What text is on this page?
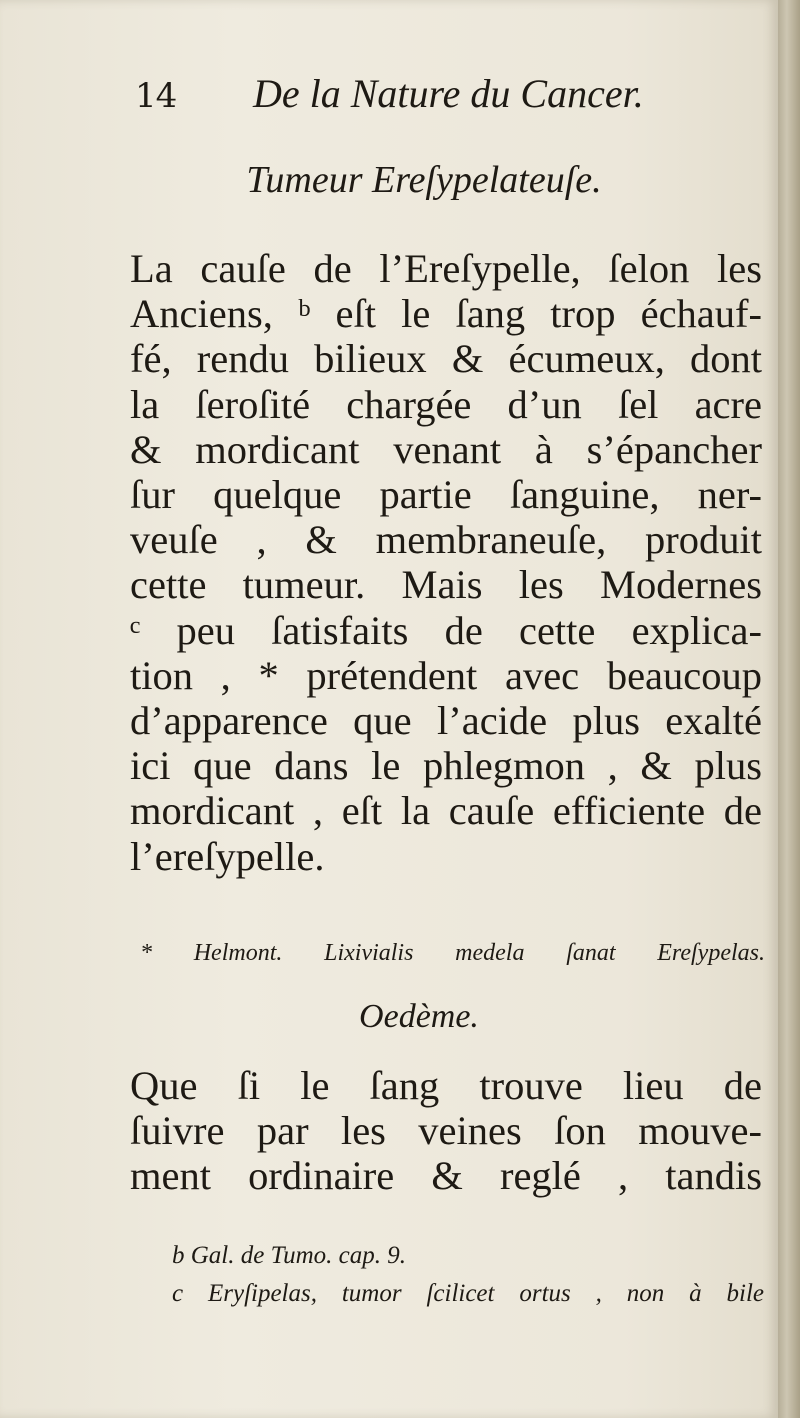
14 De la Nature du Cancer.
Tumeur Ereſypelateuſe.
La cauſe de l’Ereſypelle, ſelon les
Anciens, ᵇ eſt le ſang trop échauf-
fé, rendu bilieux & écumeux, dont
la ſeroſité chargée d’un ſel acre
& mordicant venant à s’épancher
ſur quelque partie ſanguine, ner-
veuſe , & membraneuſe, produit
cette tumeur. Mais les Modernes
ᶜ peu ſatisfaits de cette explica-
tion , * prétendent avec beaucoup
d’apparence que l’acide plus exalté
ici que dans le phlegmon , & plus
mordicant , eſt la cauſe efficiente de
l’ereſypelle.
* Helmont. Lixivialis medela ſanat Ereſypelas.
Oedème.
Que ſi le ſang trouve lieu de
ſuivre par les veines ſon mouve-
ment ordinaire & reglé , tandis
b Gal. de Tumo. cap. 9.
c Eryſipelas, tumor ſcilicet ortus , non à bile
